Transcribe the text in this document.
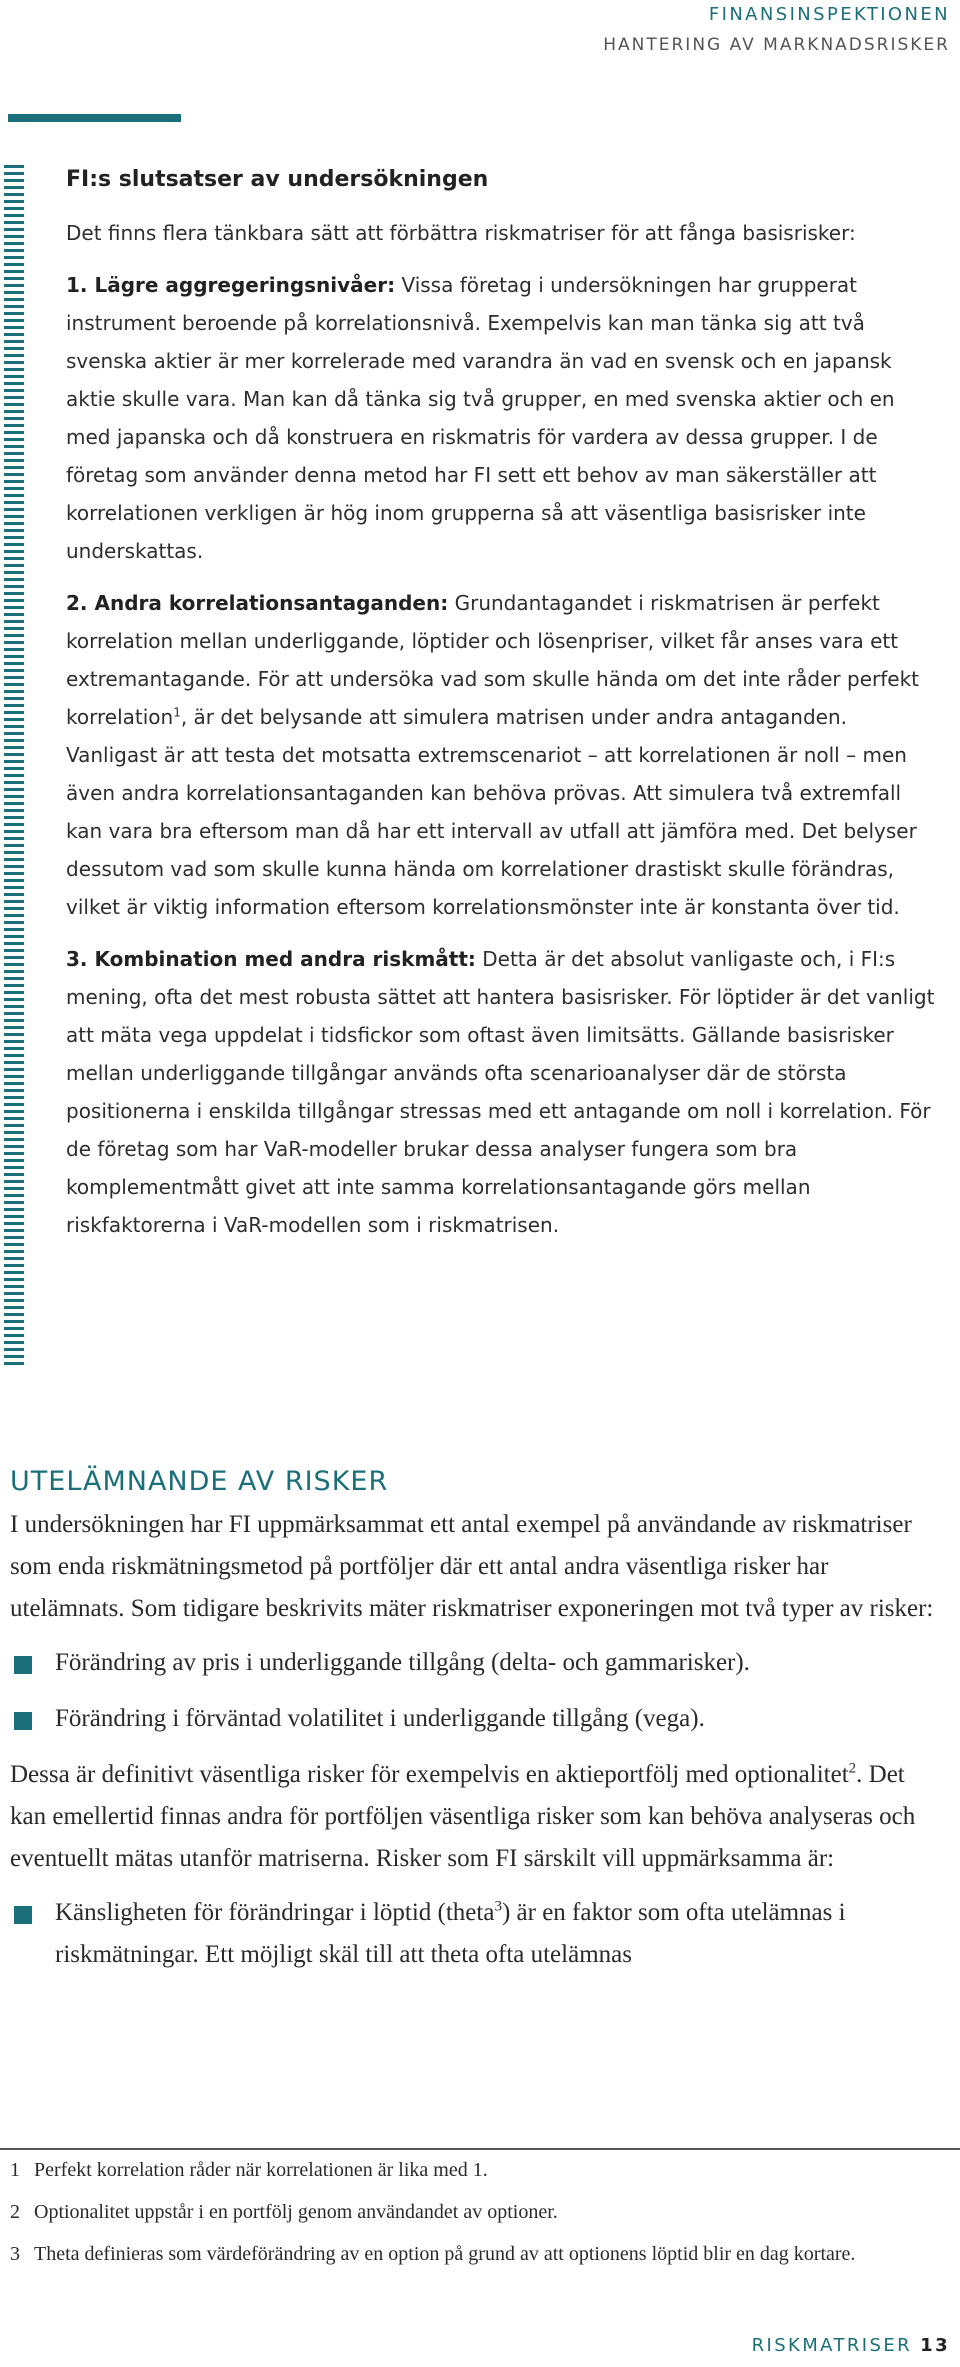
FINANSINSPEKTIONEN
HANTERING AV MARKNADSRISKER
FI:s slutsatser av undersökningen

Det finns flera tänkbara sätt att förbättra riskmatriser för att fånga basisrisker:

1. Lägre aggregeringsnivåer: Vissa företag i undersökningen har grupperat instrument beroende på korrelationsnivå. Exempelvis kan man tänka sig att två svenska aktier är mer korrelerade med varandra än vad en svensk och en japansk aktie skulle vara. Man kan då tänka sig två grupper, en med svenska aktier och en med japanska och då konstruera en riskmatris för vardera av dessa grupper. I de företag som använder denna metod har FI sett ett behov av man säkerställer att korrelationen verkligen är hög inom grupperna så att väsentliga basisrisker inte underskattas.

2. Andra korrelationsantaganden: Grundantagandet i riskmatrisen är perfekt korrelation mellan underliggande, löptider och lösenpriser, vilket får anses vara ett extremantagande. För att undersöka vad som skulle hända om det inte råder perfekt korrelation$^1$, är det belysande att simulera matrisen under andra antaganden. Vanligast är att testa det motsatta extremscenariot – att korrelationen är noll – men även andra korrelationsantaganden kan behöva prövas. Att simulera två extremfall kan vara bra eftersom man då har ett intervall av utfall att jämföra med. Det belyser dessutom vad som skulle kunna hända om korrelationer drastiskt skulle förändras, vilket är viktig information eftersom korrelationsmönster inte är konstanta över tid.

3. Kombination med andra riskmått: Detta är det absolut vanligaste och, i FI:s mening, ofta det mest robusta sättet att hantera basisrisker. För löptider är det vanligt att mäta vega uppdelat i tidsfickor som oftast även limitsätts. Gällande basisrisker mellan underliggande tillgångar används ofta scenarioanalyser där de största positionerna i enskilda tillgångar stressas med ett antagande om noll i korrelation. För de företag som har VaR-modeller brukar dessa analyser fungera som bra komplementmått givet att inte samma korrelationsantagande görs mellan riskfaktorerna i VaR-modellen som i riskmatrisen.

UTELÄMNANDE AV RISKER

I undersökningen har FI uppmärksammat ett antal exempel på användande av riskmatriser som enda riskmätningsmetod på portföljer där ett antal andra väsentliga risker har utelämnats. Som tidigare beskrivits mäter riskmatriser exponeringen mot två typer av risker:

Förändring av pris i underliggande tillgång (delta- och gammarisker).
Förändring i förväntad volatilitet i underliggande tillgång (vega).

Dessa är definitivt väsentliga risker för exempelvis en aktieportfölj med optionalitet$^2$. Det kan emellertid finnas andra för portföljen väsentliga risker som kan behöva analyseras och eventuellt mätas utanför matriserna. Risker som FI särskilt vill uppmärksamma är:

Känsligheten för förändringar i löptid (theta$^3$) är en faktor som ofta utelämnas i riskmätningar. Ett möjligt skäl till att theta ofta utelämnas
1 Perfekt korrelation råder när korrelationen är lika med 1.
2 Optionalitet uppstår i en portfölj genom användandet av optioner.
3 Theta definieras som värdeförändring av en option på grund av att optionens löptid blir en dag kortare.
RISKMATRISER 13
